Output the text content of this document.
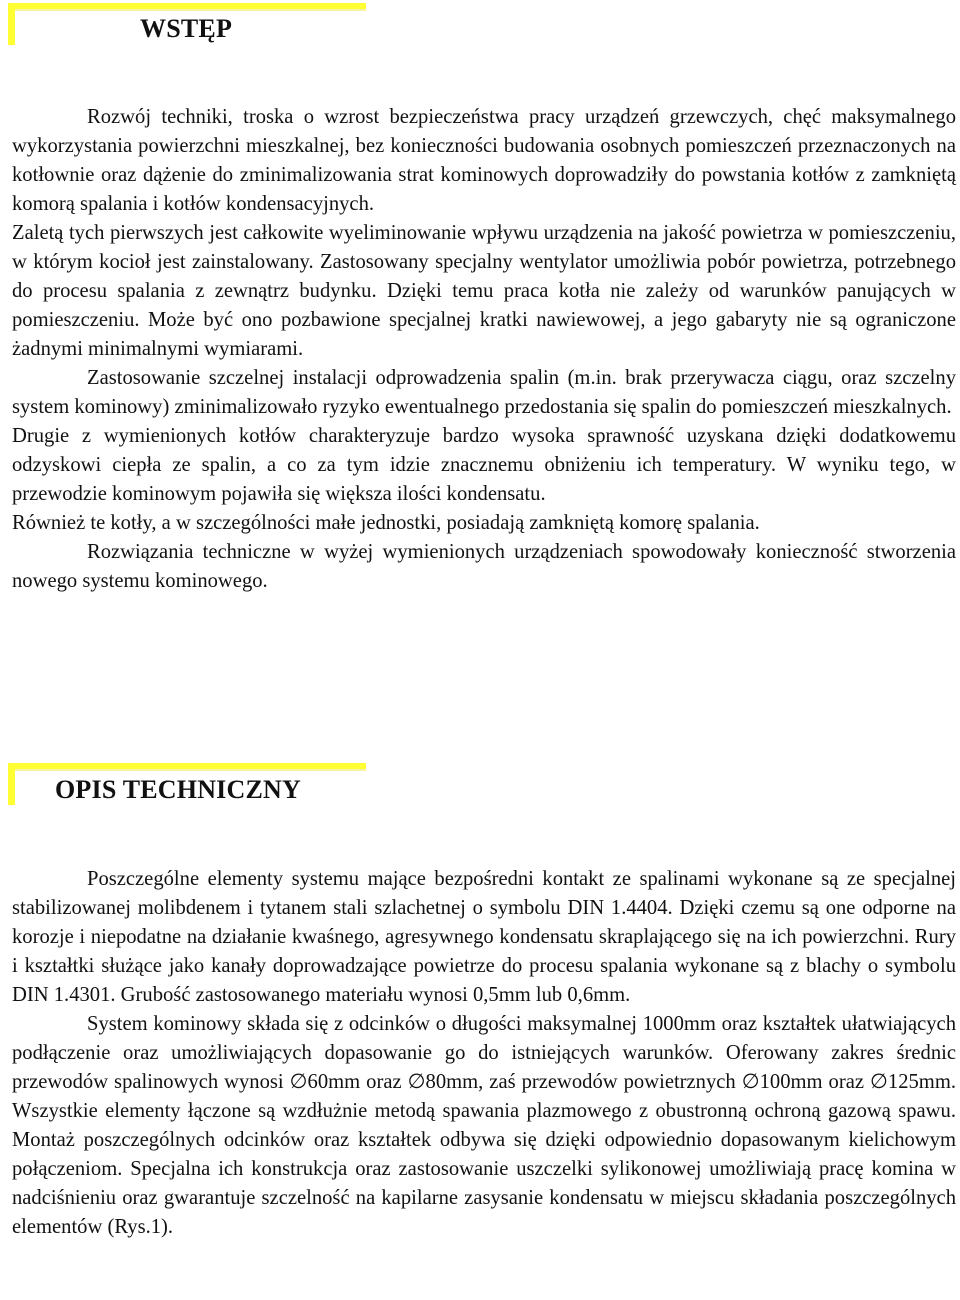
WSTĘP

Rozwój techniki, troska o wzrost bezpieczeństwa pracy urządzeń grzewczych, chęć maksymalnego wykorzystania powierzchni mieszkalnej, bez konieczności budowania osobnych pomieszczeń przeznaczonych na kotłownie oraz dążenie do zminimalizowania strat kominowych doprowadziły do powstania kotłów z zamkniętą komorą spalania i kotłów kondensacyjnych.

Zaletą tych pierwszych jest całkowite wyeliminowanie wpływu urządzenia na jakość powietrza w pomieszczeniu, w którym kocioł jest zainstalowany. Zastosowany specjalny wentylator umożliwia pobór powietrza, potrzebnego do procesu spalania z zewnątrz budynku. Dzięki temu praca kotła nie zależy od warunków panujących w pomieszczeniu. Może być ono pozbawione specjalnej kratki nawiewowej, a jego gabaryty nie są ograniczone żadnymi minimalnymi wymiarami.

Zastosowanie szczelnej instalacji odprowadzenia spalin (m.in. brak przerywacza ciągu, oraz szczelny system kominowy) zminimalizowało ryzyko ewentualnego przedostania się spalin do pomieszczeń mieszkalnych.

Drugie z wymienionych kotłów charakteryzuje bardzo wysoka sprawność uzyskana dzięki dodatkowemu odzyskowi ciepła ze spalin, a co za tym idzie znacznemu obniżeniu ich temperatury. W wyniku tego, w przewodzie kominowym pojawiła się większa ilości kondensatu.

Również te kotły, a w szczególności małe jednostki, posiadają zamkniętą komorę spalania.

Rozwiązania techniczne w wyżej wymienionych urządzeniach spowodowały konieczność stworzenia nowego systemu kominowego.

OPIS TECHNICZNY

Poszczególne elementy systemu mające bezpośredni kontakt ze spalinami wykonane są ze specjalnej stabilizowanej molibdenem i tytanem stali szlachetnej o symbolu DIN 1.4404. Dzięki czemu są one odporne na korozje i niepodatne na działanie kwaśnego, agresywnego kondensatu skraplającego się na ich powierzchni. Rury i kształtki służące jako kanały doprowadzające powietrze do procesu spalania wykonane są z blachy o symbolu DIN 1.4301. Grubość zastosowanego materiału wynosi 0,5mm lub 0,6mm.

System kominowy składa się z odcinków o długości maksymalnej 1000mm oraz kształtek ułatwiających podłączenie oraz umożliwiających dopasowanie go do istniejących warunków. Oferowany zakres średnic przewodów spalinowych wynosi ∅60mm oraz ∅80mm, zaś przewodów powietrznych ∅100mm oraz ∅125mm. Wszystkie elementy łączone są wzdłużnie metodą spawania plazmowego z obustronną ochroną gazową spawu. Montaż poszczególnych odcinków oraz kształtek odbywa się dzięki odpowiednio dopasowanym kielichowym połączeniom. Specjalna ich konstrukcja oraz zastosowanie uszczelki sylikonowej umożliwiają pracę komina w nadciśnieniu oraz gwarantuje szczelność na kapilarne zasysanie kondensatu w miejscu składania poszczególnych elementów (Rys.1).
